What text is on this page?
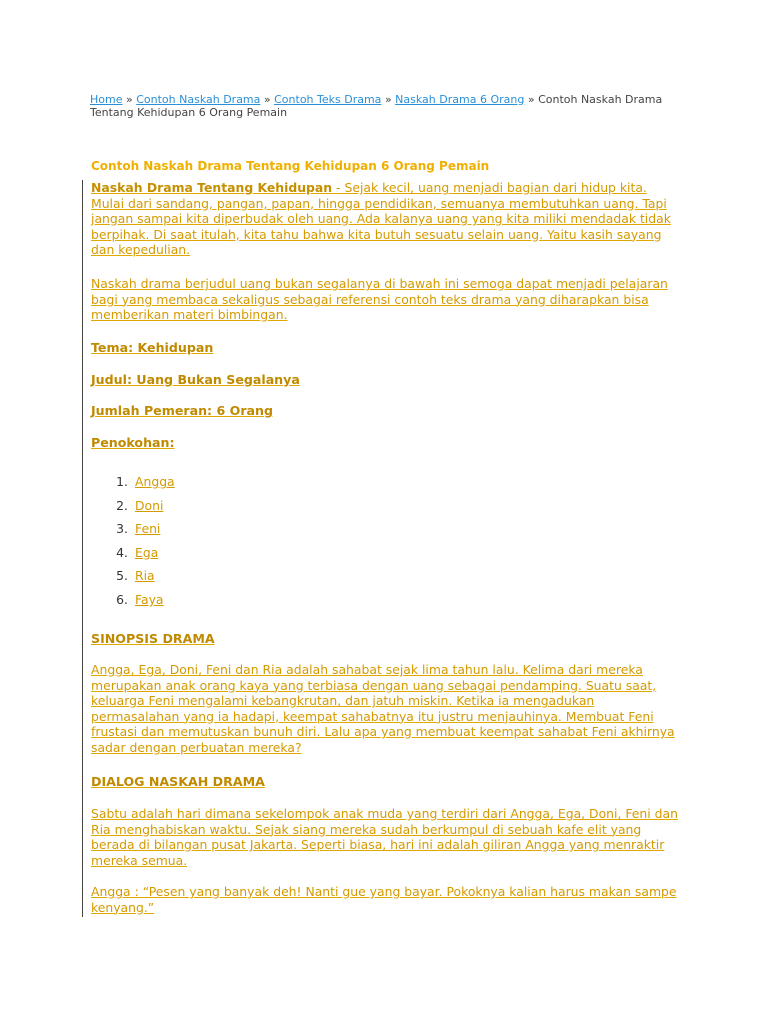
Home » Contoh Naskah Drama » Contoh Teks Drama » Naskah Drama 6 Orang » Contoh Naskah Drama Tentang Kehidupan 6 Orang Pemain
Contoh Naskah Drama Tentang Kehidupan 6 Orang Pemain

Naskah Drama Tentang Kehidupan - Sejak kecil, uang menjadi bagian dari hidup kita. Mulai dari sandang, pangan, papan, hingga pendidikan, semuanya membutuhkan uang. Tapi jangan sampai kita diperbudak oleh uang. Ada kalanya uang yang kita miliki mendadak tidak berpihak. Di saat itulah, kita tahu bahwa kita butuh sesuatu selain uang. Yaitu kasih sayang dan kepedulian.

Naskah drama berjudul uang bukan segalanya di bawah ini semoga dapat menjadi pelajaran bagi yang membaca sekaligus sebagai referensi contoh teks drama yang diharapkan bisa memberikan materi bimbingan.

Tema: Kehidupan

Judul: Uang Bukan Segalanya

Jumlah Pemeran: 6 Orang

Penokohan:

1. Angga
2. Doni
3. Feni
4. Ega
5. Ria
6. Faya

SINOPSIS DRAMA

Angga, Ega, Doni, Feni dan Ria adalah sahabat sejak lima tahun lalu. Kelima dari mereka merupakan anak orang kaya yang terbiasa dengan uang sebagai pendamping. Suatu saat, keluarga Feni mengalami kebangkrutan, dan jatuh miskin. Ketika ia mengadukan permasalahan yang ia hadapi, keempat sahabatnya itu justru menjauhinya. Membuat Feni frustasi dan memutuskan bunuh diri. Lalu apa yang membuat keempat sahabat Feni akhirnya sadar dengan perbuatan mereka?

DIALOG NASKAH DRAMA

Sabtu adalah hari dimana sekelompok anak muda yang terdiri dari Angga, Ega, Doni, Feni dan Ria menghabiskan waktu. Sejak siang mereka sudah berkumpul di sebuah kafe elit yang berada di bilangan pusat Jakarta. Seperti biasa, hari ini adalah giliran Angga yang menraktir mereka semua.

Angga : “Pesen yang banyak deh! Nanti gue yang bayar. Pokoknya kalian harus makan sampe kenyang.”
